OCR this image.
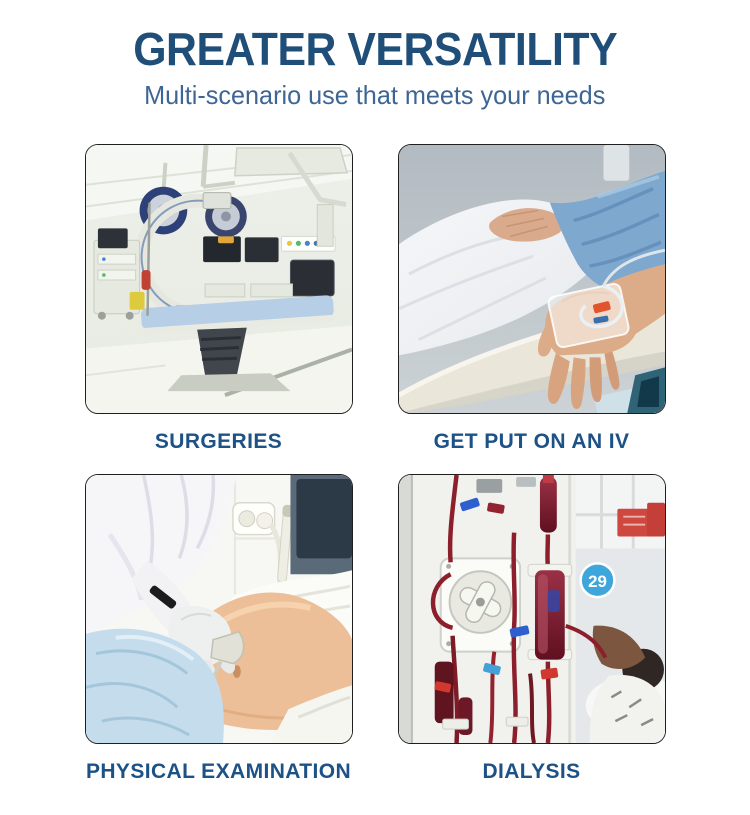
GREATER VERSATILITY
Multi-scenario use that meets your needs
SURGERIES	GET PUT ON AN IV
PHYSICAL EXAMINATION
29
DIALYSIS
